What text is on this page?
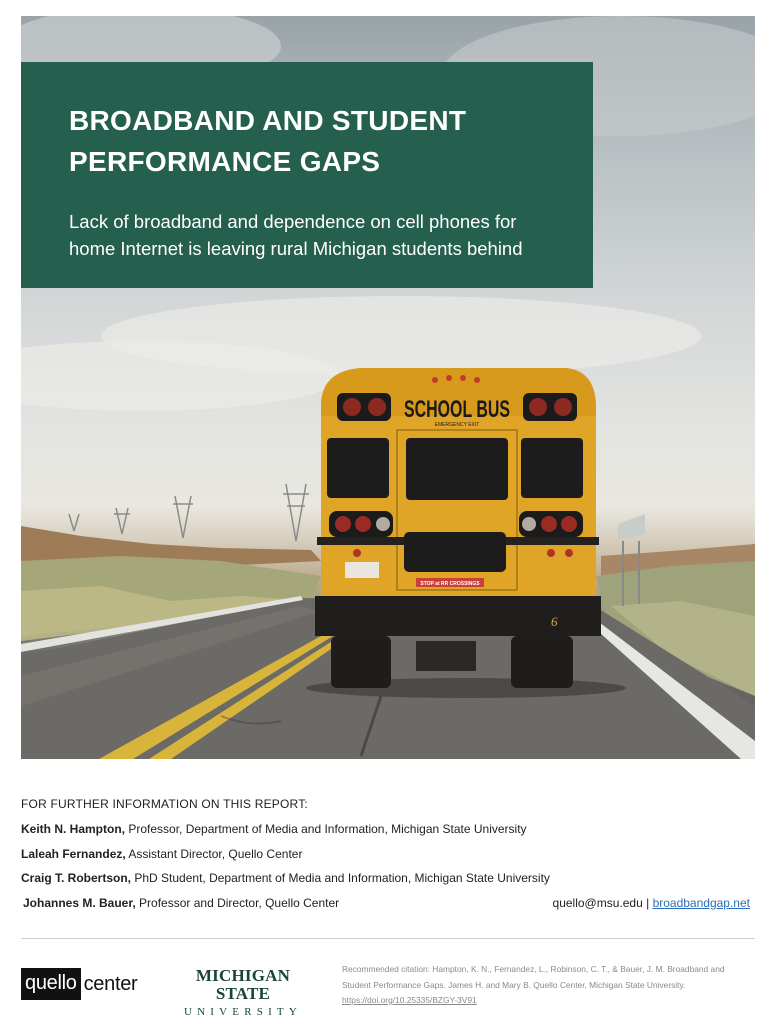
SCHOOL BUS
EMERGENCY EXIT
STOP at RR CROSSINGS
6
BROADBAND AND STUDENT PERFORMANCE GAPS

Lack of broadband and dependence on cell phones for home Internet is leaving rural Michigan students behind

FOR FURTHER INFORMATION ON THIS REPORT:
Keith N. Hampton, Professor, Department of Media and Information, Michigan State University
Laleah Fernandez, Assistant Director, Quello Center
Craig T. Robertson, PhD Student, Department of Media and Information, Michigan State University
Johannes M. Bauer, Professor and Director, Quello Center	quello@msu.edu | broadbandgap.net
quello center	MICHIGAN STATE
UNIVERSITY
Recommended citation: Hampton, K. N., Fernandez, L., Robinson, C. T., & Bauer, J. M. Broadband and
Student Performance Gaps. James H. and Mary B. Quello Center, Michigan State University.
https://doi.org/10.25335/BZGY-3V91
